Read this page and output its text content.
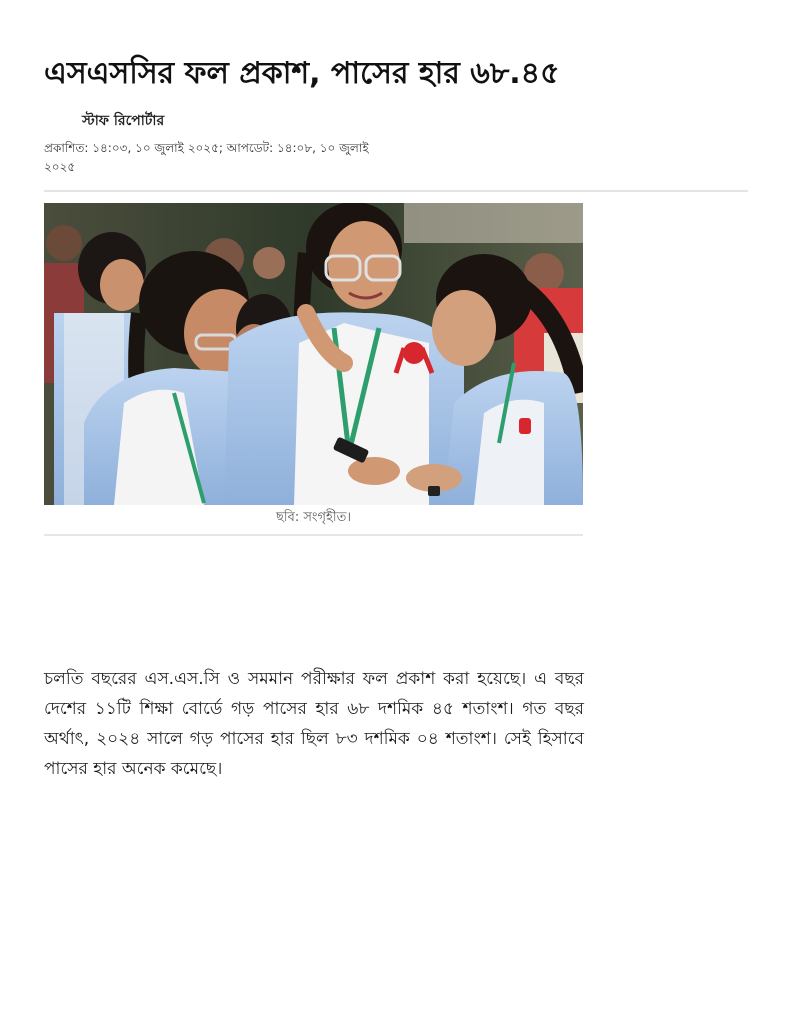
এসএসসির ফল প্রকাশ, পাসের হার ৬৮.৪৫
স্টাফ রিপোর্টার
প্রকাশিত: ১৪:০৩, ১০ জুলাই ২০২৫; আপডেট: ১৪:০৮, ১০ জুলাই ২০২৫
ছবি: সংগৃহীত।

চলতি বছরের এস.এস.সি ও সমমান পরীক্ষার ফল প্রকাশ করা হয়েছে। এ বছর দেশের ১১টি শিক্ষা বোর্ডে গড় পাসের হার ৬৮ দশমিক ৪৫ শতাংশ। গত বছর অর্থাৎ, ২০২৪ সালে গড় পাসের হার ছিল ৮৩ দশমিক ০৪ শতাংশ। সেই হিসাবে পাসের হার অনেক কমেছে।
